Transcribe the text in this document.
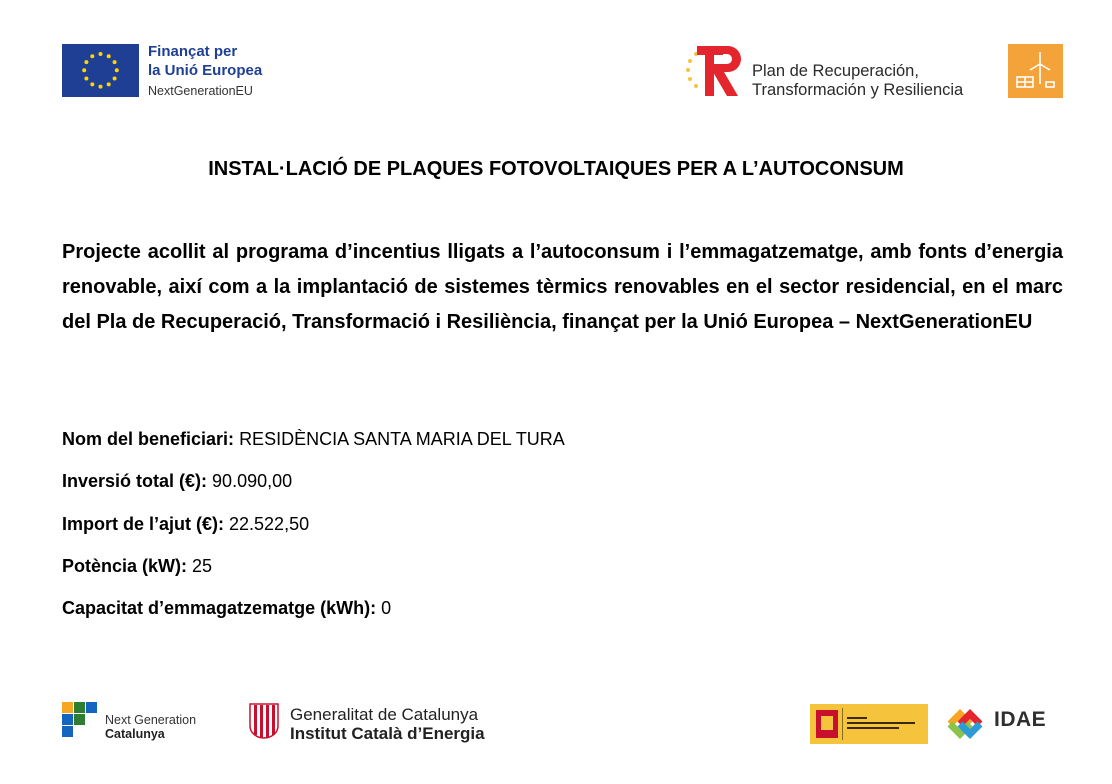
Finançat per
la Unió Europea
NextGenerationEU
Plan de Recuperación,
Transformación y Resiliencia
INSTAL·LACIÓ DE PLAQUES FOTOVOLTAIQUES PER A L’AUTOCONSUM
Projecte acollit al programa d’incentius lligats a l’autoconsum i l’emmagatzematge, amb fonts d’energia renovable, així com a la implantació de sistemes tèrmics renovables en el sector residencial, en el marc del Pla de Recuperació, Transformació i Resiliència, finançat per la Unió Europea – NextGenerationEU
Nom del beneficiari: RESIDÈNCIA SANTA MARIA DEL TURA
Inversió total (€): 90.090,00
Import de l’ajut (€): 22.522,50
Potència (kW): 25
Capacitat d’emmagatzematge (kWh): 0
Next Generation
Catalunya
Generalitat de Catalunya
Institut Català d’Energia
IDAE
